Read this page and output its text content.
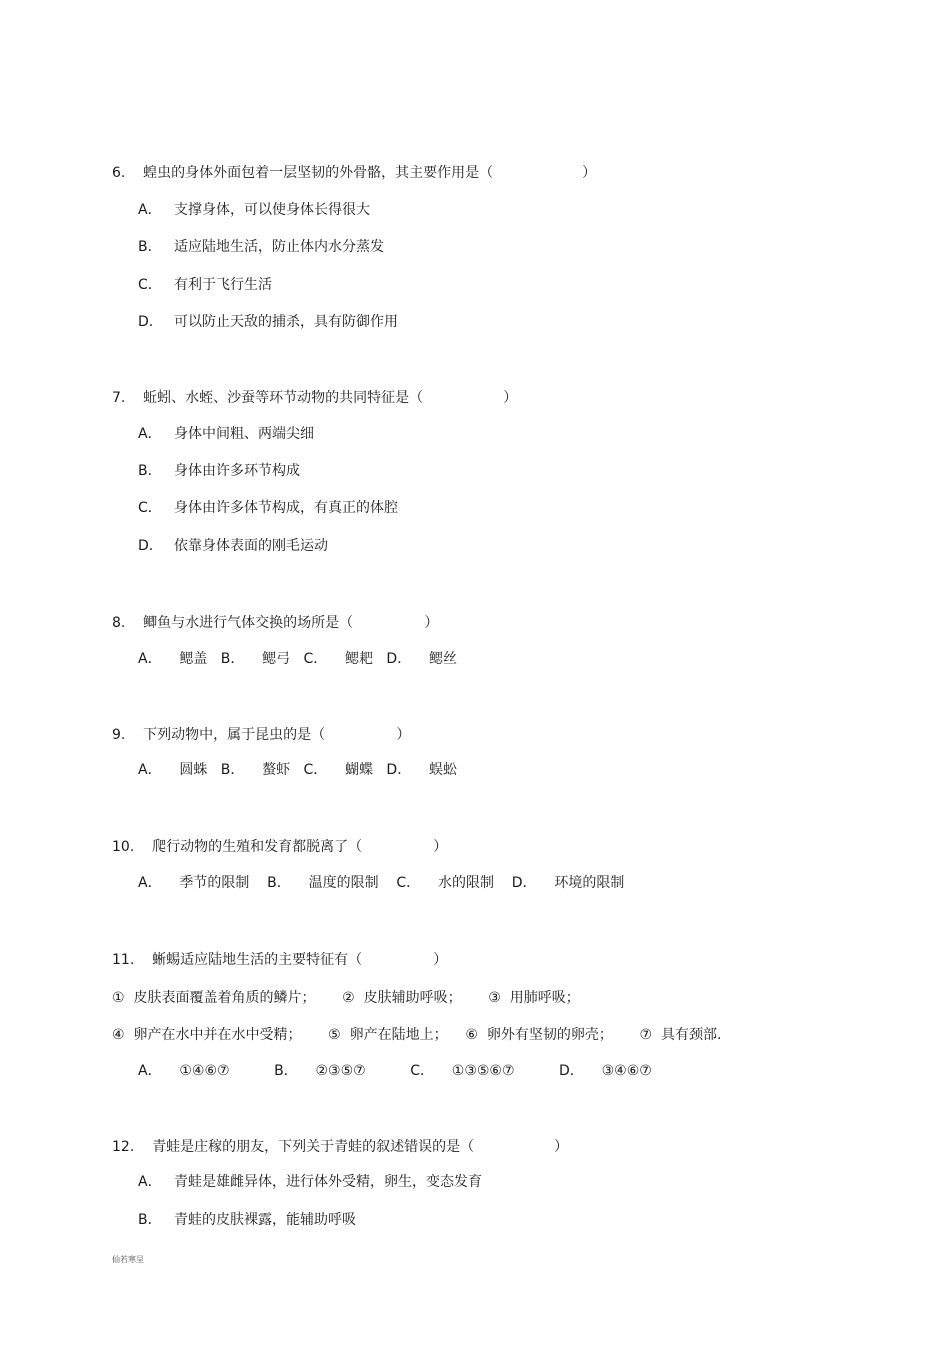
6.    蝗虫的身体外面包着一层坚韧的外骨骼，其主要作用是（                    ）
A． 支撑身体，可以使身体长得很大
B． 适应陆地生活，防止体内水分蒸发
C． 有利于飞行生活
D． 可以防止天敌的捕杀，具有防御作用
7.    蚯蚓、水蛭、沙蚕等环节动物的共同特征是（                  ）
A． 身体中间粗、两端尖细
B． 身体由许多环节构成
C． 身体由许多体节构成，有真正的体腔
D． 依靠身体表面的刚毛运动
8.    鲫鱼与水进行气体交换的场所是（                ）
A．    鳃盖   B．    鳃弓   C．    鳃耙   D．    鳃丝
9.    下列动物中，属于昆虫的是（                ）
A．    圆蛛   B．    螯虾   C．    蝴蝶   D．    蜈蚣
10.    爬行动物的生殖和发育都脱离了（                ）
A．    季节的限制    B．    温度的限制    C．    水的限制    D．    环境的限制
11.    蜥蜴适应陆地生活的主要特征有（                ）
①  皮肤表面覆盖着角质的鳞片；      ②  皮肤辅助呼吸；      ③  用肺呼吸；
④  卵产在水中并在水中受精；      ⑤  卵产在陆地上；    ⑥  卵外有坚韧的卵壳；      ⑦  具有颈部.
A．    ①④⑥⑦          B．    ②③⑤⑦          C．    ①③⑤⑥⑦          D．    ③④⑥⑦
12.    青蛙是庄稼的朋友，下列关于青蛙的叙述错误的是（                  ）
A． 青蛙是雄雌异体，进行体外受精，卵生，变态发育
B． 青蛙的皮肤裸露，能辅助呼吸
仙若寒呈
